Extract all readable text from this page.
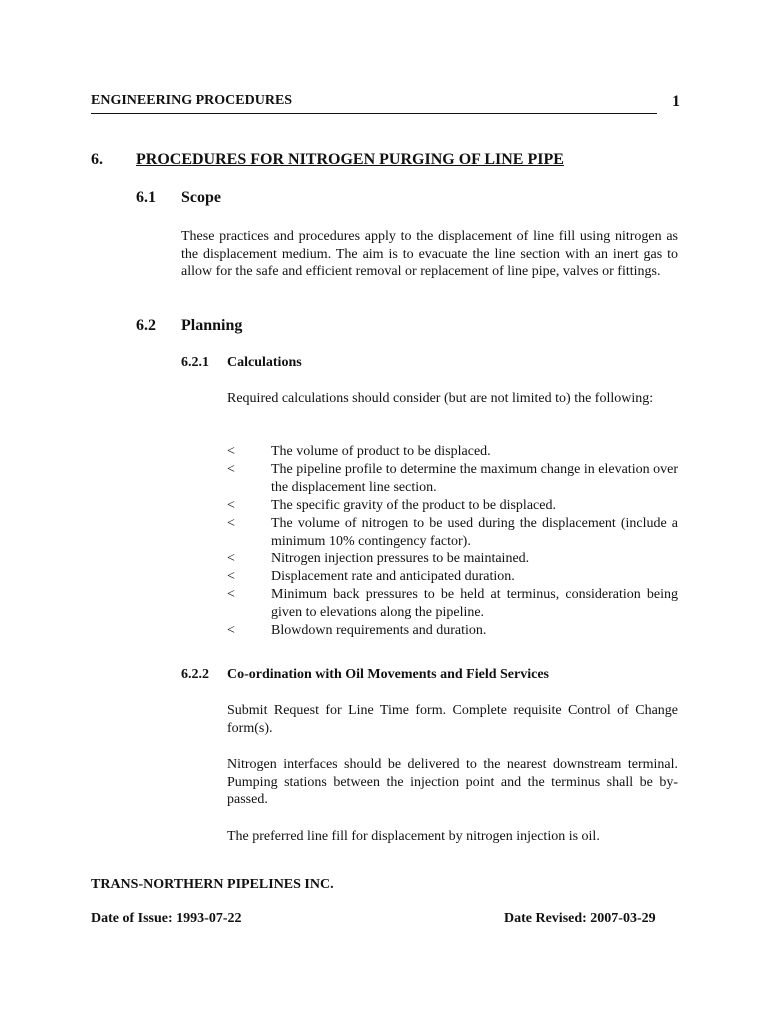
ENGINEERING PROCEDURES	1
6. PROCEDURES FOR NITROGEN PURGING OF LINE PIPE
6.1 Scope

These practices and procedures apply to the displacement of line fill using nitrogen as the displacement medium. The aim is to evacuate the line section with an inert gas to allow for the safe and efficient removal or replacement of line pipe, valves or fittings.

6.2 Planning
6.2.1 Calculations

Required calculations should consider (but are not limited to) the following:

<	The volume of product to be displaced.
<	The pipeline profile to determine the maximum change in elevation over the displacement line section.
<	The specific gravity of the product to be displaced.
<	The volume of nitrogen to be used during the displacement (include a minimum 10% contingency factor).
<	Nitrogen injection pressures to be maintained.
<	Displacement rate and anticipated duration.
<	Minimum back pressures to be held at terminus, consideration being given to elevations along the pipeline.
<	Blowdown requirements and duration.
6.2.2 Co-ordination with Oil Movements and Field Services

Submit Request for Line Time form. Complete requisite Control of Change form(s).

Nitrogen interfaces should be delivered to the nearest downstream terminal. Pumping stations between the injection point and the terminus shall be by-passed.

The preferred line fill for displacement by nitrogen injection is oil.

TRANS-NORTHERN PIPELINES INC.
Date of Issue: 1993-07-22	Date Revised: 2007-03-29
